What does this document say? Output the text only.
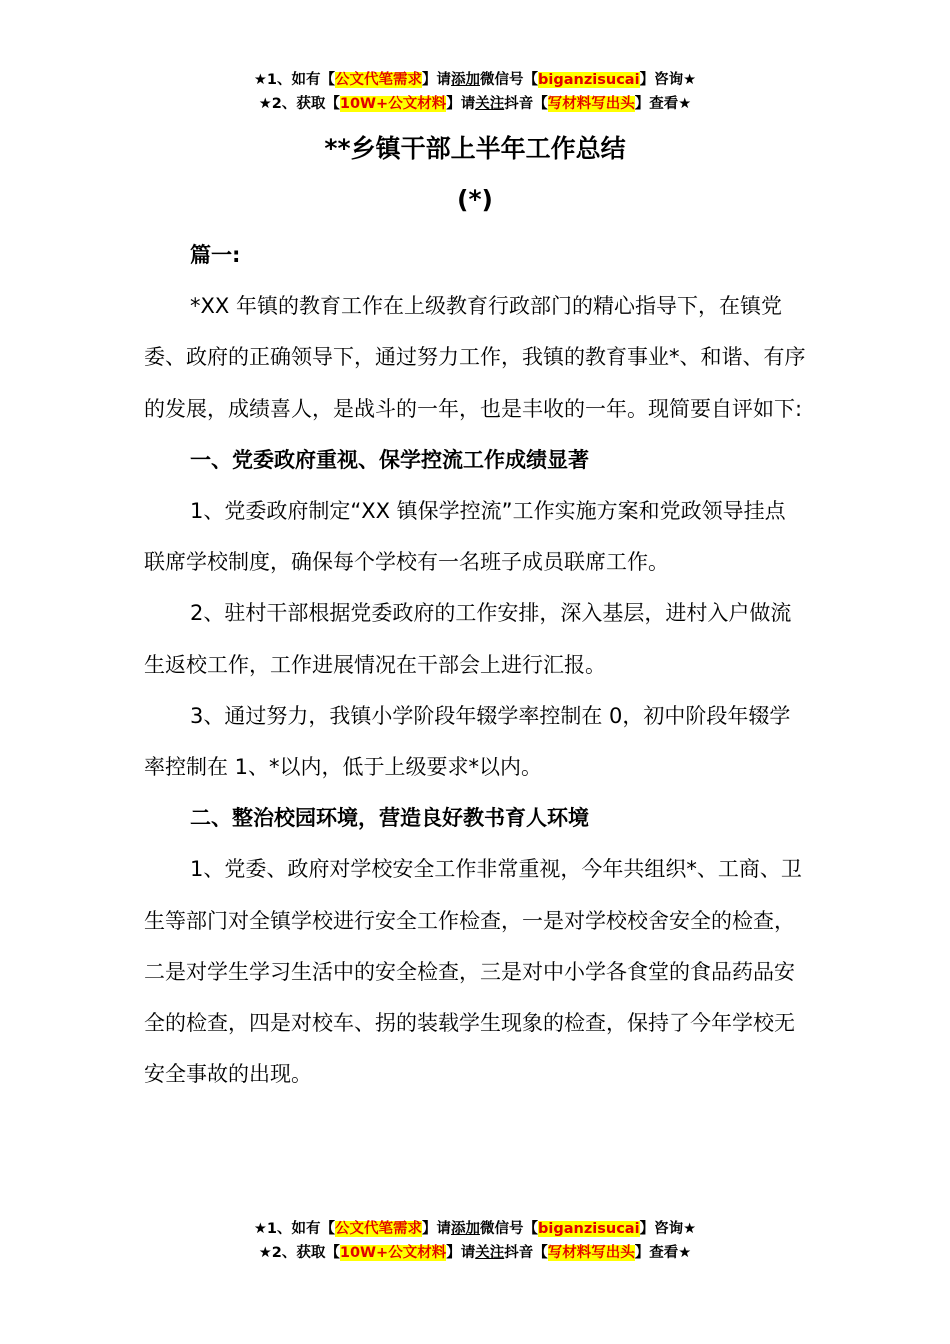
★1、如有【公文代笔需求】请添加微信号【biganzisucai】咨询★
★2、获取【10W+公文材料】请关注抖音【写材料写出头】查看★
**乡镇干部上半年工作总结
(*)

篇一:

*XX 年镇的教育工作在上级教育行政部门的精心指导下，在镇党委、政府的正确领导下，通过努力工作，我镇的教育事业*、和谐、有序的发展，成绩喜人，是战斗的一年，也是丰收的一年。现简要自评如下:

一、党委政府重视、保学控流工作成绩显著

1、党委政府制定“XX 镇保学控流”工作实施方案和党政领导挂点联席学校制度，确保每个学校有一名班子成员联席工作。

2、驻村干部根据党委政府的工作安排，深入基层，进村入户做流生返校工作，工作进展情况在干部会上进行汇报。

3、通过努力，我镇小学阶段年辍学率控制在 0，初中阶段年辍学率控制在 1、*以内，低于上级要求*以内。

二、整治校园环境，营造良好教书育人环境

1、党委、政府对学校安全工作非常重视，今年共组织*、工商、卫生等部门对全镇学校进行安全工作检查，一是对学校校舍安全的检查，二是对学生学习生活中的安全检查，三是对中小学各食堂的食品药品安全的检查，四是对校车、拐的装载学生现象的检查，保持了今年学校无安全事故的出现。

★1、如有【公文代笔需求】请添加微信号【biganzisucai】咨询★
★2、获取【10W+公文材料】请关注抖音【写材料写出头】查看★
